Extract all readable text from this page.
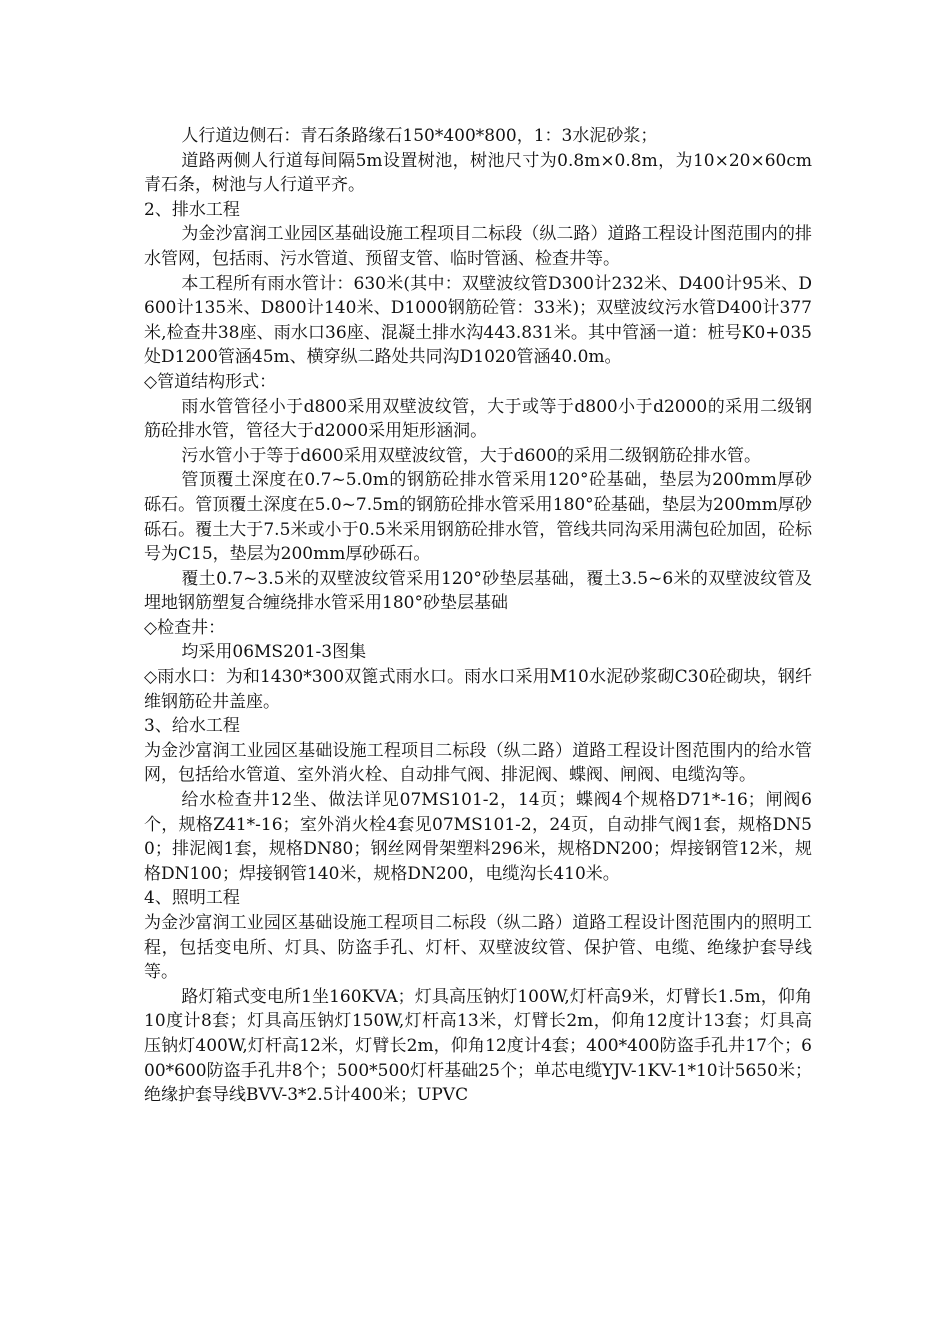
人行道边侧石：青石条路缘石150*400*800，1：3水泥砂浆；

道路两侧人行道每间隔5m设置树池，树池尺寸为0.8m×0.8m，为10×20×60cm青石条，树池与人行道平齐。

2、排水工程

为金沙富润工业园区基础设施工程项目二标段（纵二路）道路工程设计图范围内的排水管网，包括雨、污水管道、预留支管、临时管涵、检查井等。

本工程所有雨水管计：630米(其中：双壁波纹管D300计232米、D400计95米、D600计135米、D800计140米、D1000钢筋砼管：33米)；双壁波纹污水管D400计377米,检查井38座、雨水口36座、混凝土排水沟443.831米。其中管涵一道：桩号K0+035处D1200管涵45m、横穿纵二路处共同沟D1020管涵40.0m。

◇管道结构形式：

雨水管管径小于d800采用双壁波纹管，大于或等于d800小于d2000的采用二级钢筋砼排水管，管径大于d2000采用矩形涵洞。

污水管小于等于d600采用双壁波纹管，大于d600的采用二级钢筋砼排水管。

管顶覆土深度在0.7~5.0m的钢筋砼排水管采用120°砼基础，垫层为200mm厚砂砾石。管顶覆土深度在5.0~7.5m的钢筋砼排水管采用180°砼基础，垫层为200mm厚砂砾石。覆土大于7.5米或小于0.5米采用钢筋砼排水管，管线共同沟采用满包砼加固，砼标号为C15，垫层为200mm厚砂砾石。

覆土0.7~3.5米的双壁波纹管采用120°砂垫层基础，覆土3.5~6米的双壁波纹管及埋地钢筋塑复合缠绕排水管采用180°砂垫层基础

◇检查井：

均采用06MS201-3图集

◇雨水口：为和1430*300双篦式雨水口。雨水口采用M10水泥砂浆砌C30砼砌块，钢纤维钢筋砼井盖座。

3、给水工程

为金沙富润工业园区基础设施工程项目二标段（纵二路）道路工程设计图范围内的给水管网，包括给水管道、室外消火栓、自动排气阀、排泥阀、蝶阀、闸阀、电缆沟等。

给水检查井12坐、做法详见07MS101-2，14页；蝶阀4个规格D71*-16；闸阀6个，规格Z41*-16；室外消火栓4套见07MS101-2，24页，自动排气阀1套，规格DN50；排泥阀1套，规格DN80；钢丝网骨架塑料296米，规格DN200；焊接钢管12米，规格DN100；焊接钢管140米，规格DN200，电缆沟长410米。

4、照明工程

为金沙富润工业园区基础设施工程项目二标段（纵二路）道路工程设计图范围内的照明工程，包括变电所、灯具、防盗手孔、灯杆、双壁波纹管、保护管、电缆、绝缘护套导线等。

路灯箱式变电所1坐160KVA；灯具高压钠灯100W,灯杆高9米，灯臂长1.5m，仰角10度计8套；灯具高压钠灯150W,灯杆高13米，灯臂长2m，仰角12度计13套；灯具高压钠灯400W,灯杆高12米，灯臂长2m，仰角12度计4套；400*400防盗手孔井17个；600*600防盗手孔井8个；500*500灯杆基础25个；单芯电缆YJV-1KV-1*10计5650米；绝缘护套导线BVV-3*2.5计400米；UPVC
